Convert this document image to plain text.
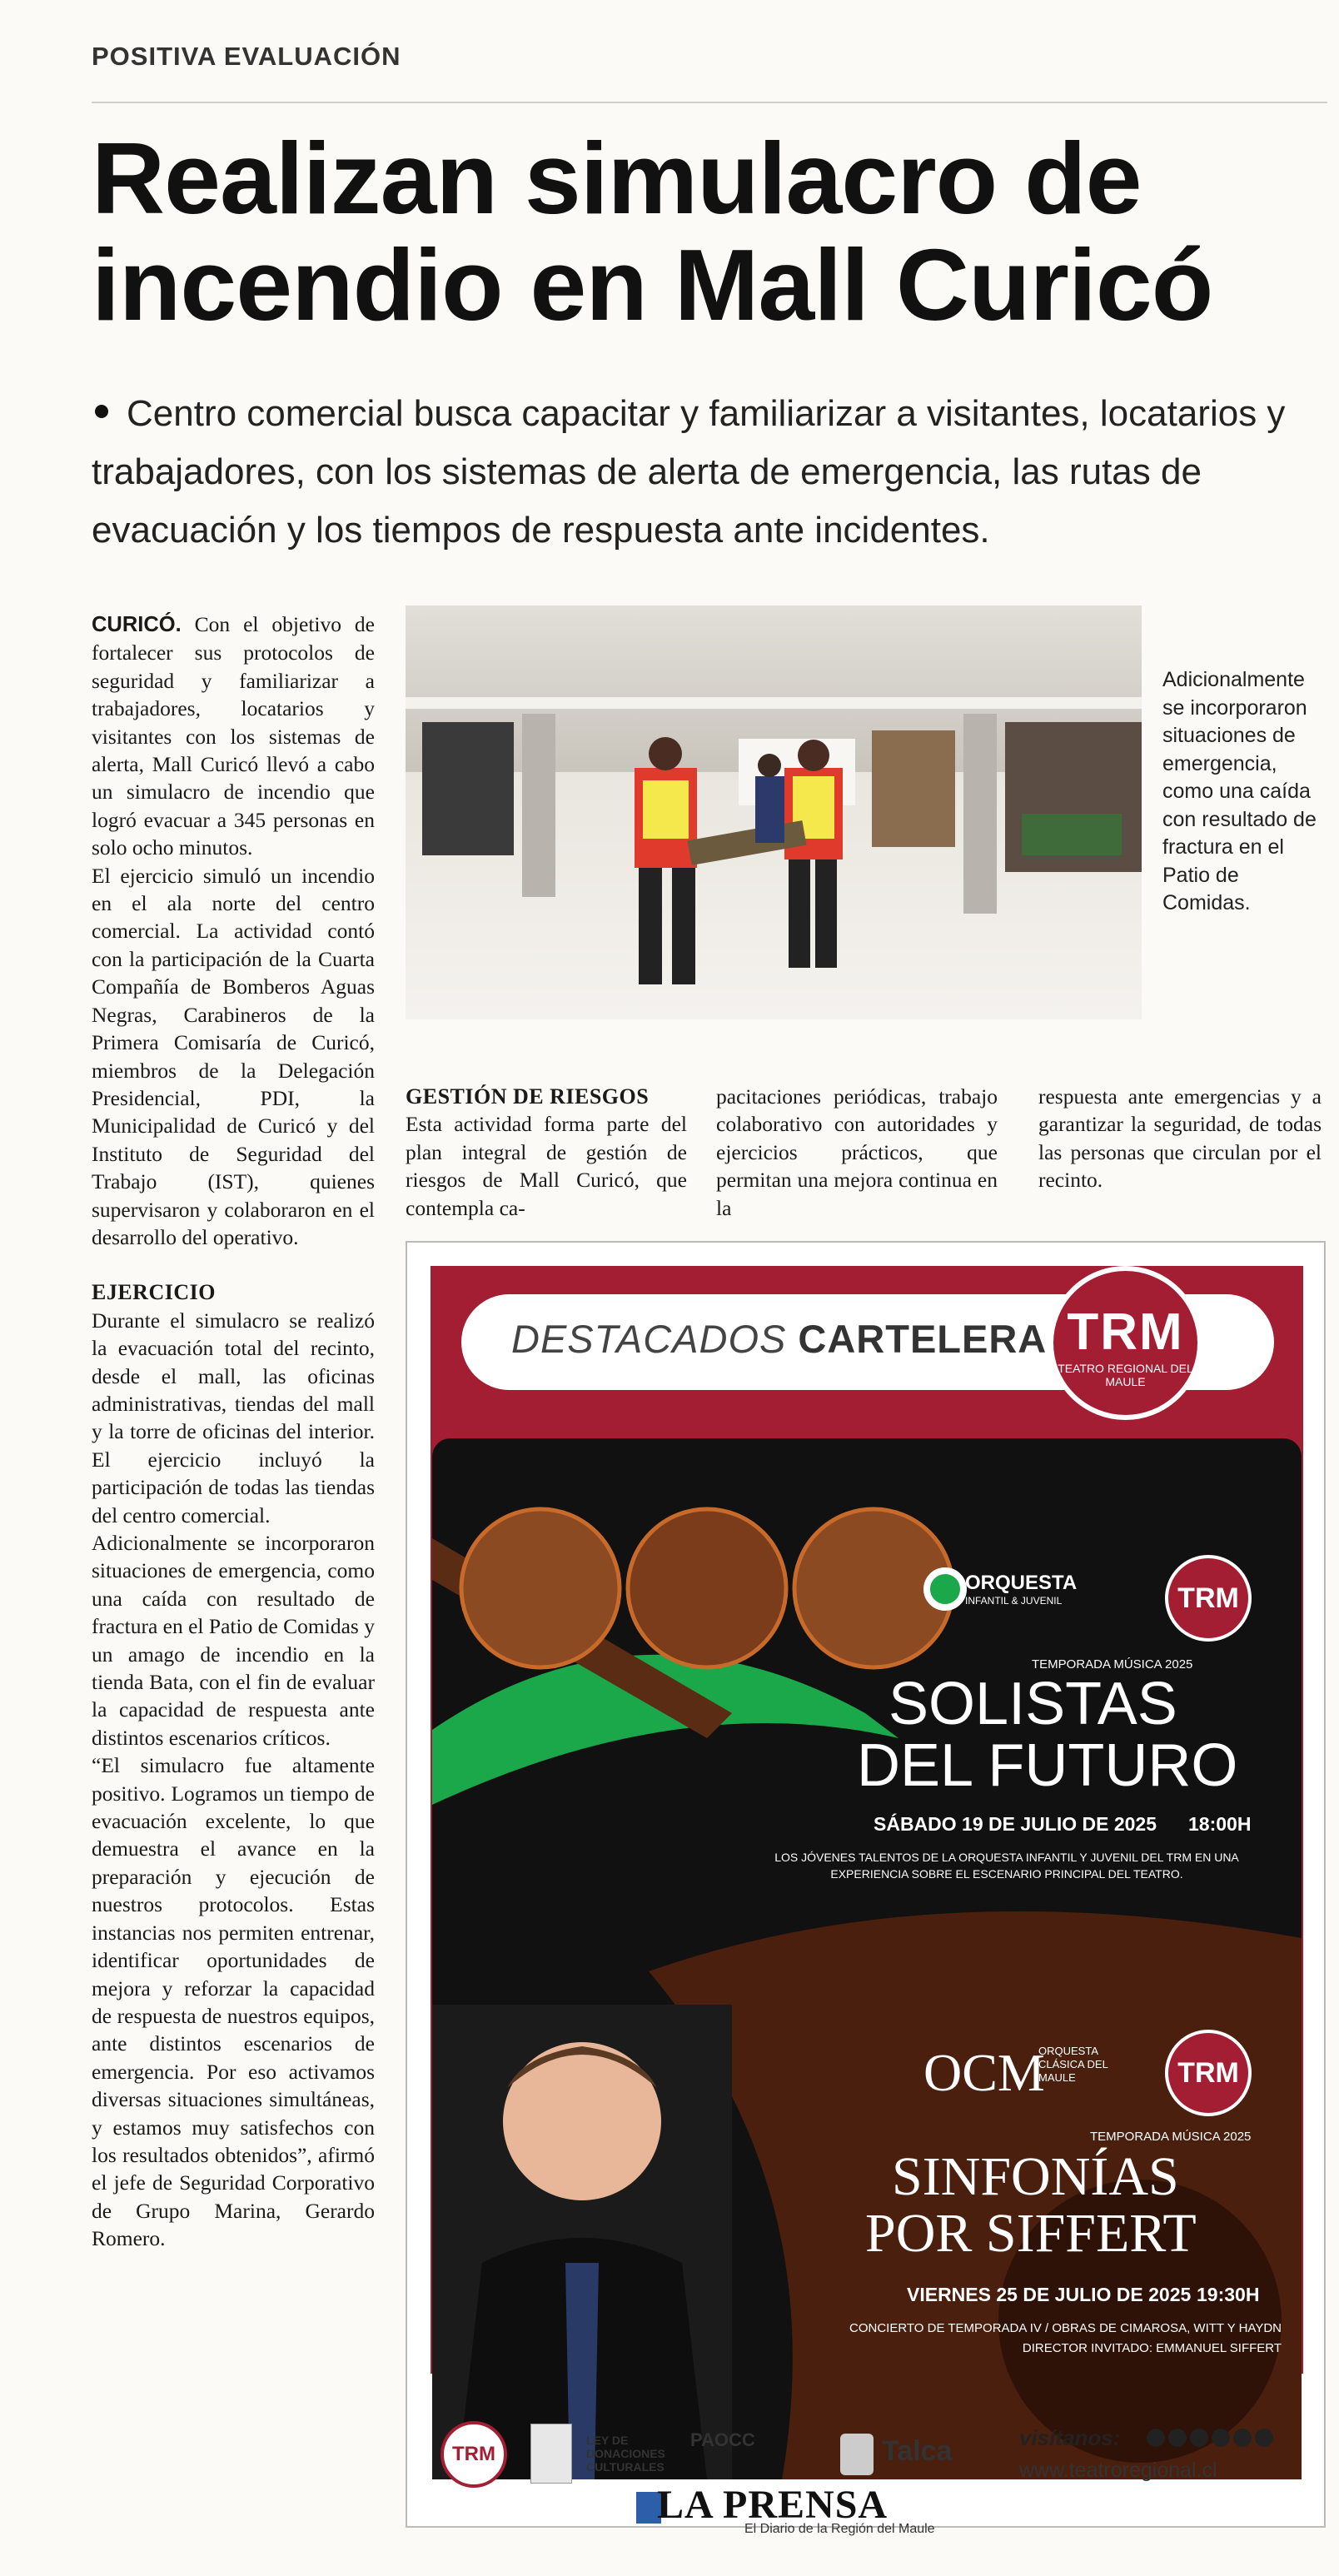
POSITIVA EVALUACIÓN
Realizan simulacro de incendio en Mall Curicó
Centro comercial busca capacitar y familiarizar a visitantes, locatarios y trabajadores, con los sistemas de alerta de emergencia, las rutas de evacuación y los tiempos de respuesta ante incidentes.

CURICÓ. Con el objetivo de fortalecer sus protocolos de seguridad y familiarizar a trabajadores, locatarios y visitantes con los sistemas de alerta, Mall Curicó llevó a cabo un simulacro de incendio que logró evacuar a 345 personas en solo ocho minutos.

El ejercicio simuló un incendio en el ala norte del centro comercial. La actividad contó con la participación de la Cuarta Compañía de Bomberos Aguas Negras, Carabineros de la Primera Comisaría de Curicó, miembros de la Delegación Presidencial, PDI, la Municipalidad de Curicó y del Instituto de Seguridad del Trabajo (IST), quienes supervisaron y colaboraron en el desarrollo del operativo.

EJERCICIO

Durante el simulacro se realizó la evacuación total del recinto, desde el mall, las oficinas administrativas, tiendas del mall y la torre de oficinas del interior. El ejercicio incluyó la participación de todas las tiendas del centro comercial.

Adicionalmente se incorporaron situaciones de emergencia, como una caída con resultado de fractura en el Patio de Comidas y un amago de incendio en la tienda Bata, con el fin de evaluar la capacidad de respuesta ante distintos escenarios críticos.

“El simulacro fue altamente positivo. Logramos un tiempo de evacuación excelente, lo que demuestra el avance en la preparación y ejecución de nuestros protocolos. Estas instancias nos permiten entrenar, identificar oportunidades de mejora y reforzar la capacidad de respuesta de nuestros equipos, ante distintos escenarios de emergencia. Por eso activamos diversas situaciones simultáneas, y estamos muy satisfechos con los resultados obtenidos”, afirmó el jefe de Seguridad Corporativo de Grupo Marina, Gerardo Romero.

Adicionalmente se incorporaron situaciones de emergencia, como una caída con resultado de fractura en el Patio de Comidas.

GESTIÓN DE RIESGOS

Esta actividad forma parte del plan integral de gestión de riesgos de Mall Curicó, que contempla ca-

pacitaciones periódicas, trabajo colaborativo con autoridades y ejercicios prácticos, que permitan una mejora continua en la

respuesta ante emergencias y a garantizar la seguridad, de todas las personas que circulan por el recinto.

DESTACADOS CARTELERA TRM
TEATRO REGIONAL DEL MAULE
ORQUESTA
INFANTIL & JUVENIL	TRM
TEMPORADA MÚSICA 2025
SOLISTAS
DEL FUTURO
SÁBADO 19 DE JULIO DE 2025 18:00H
LOS JÓVENES TALENTOS DE LA ORQUESTA INFANTIL Y JUVENIL DEL TRM EN UNA EXPERIENCIA SOBRE EL ESCENARIO PRINCIPAL DEL TEATRO.
OCM
ORQUESTA CLÁSICA DEL MAULE	TRM
TEMPORADA MÚSICA 2025
SINFONÍAS
POR SIFFERT
VIERNES 25 DE JULIO DE 2025 19:30H
CONCIERTO DE TEMPORADA IV / OBRAS DE CIMAROSA, WITT Y HAYDN
DIRECTOR INVITADO: EMMANUEL SIFFERT
TRM
LEY DE DONACIONES CULTURALES
PAOCC	Talca	visítanos:
www.teatroregional.cl
LA PRENSA
El Diario de la Región del Maule
